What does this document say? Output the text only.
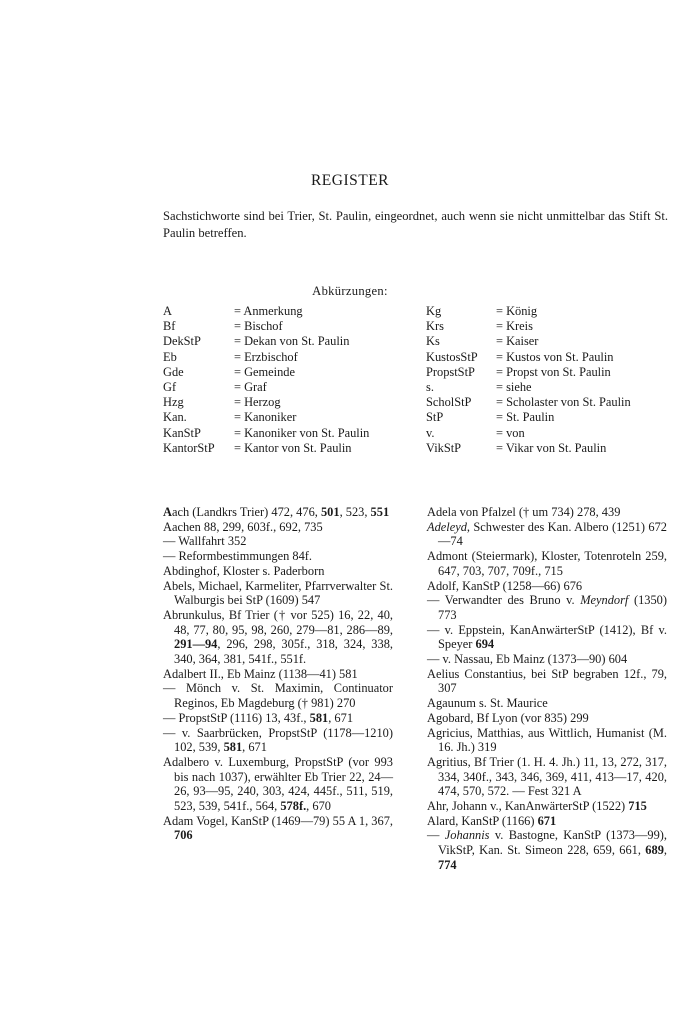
REGISTER
Sachstichworte sind bei Trier, St. Paulin, eingeordnet, auch wenn sie nicht unmittelbar das Stift St. Paulin betreffen.
Abkürzungen:
A	= Anmerkung
Bf	= Bischof
DekStP	= Dekan von St. Paulin
Eb	= Erzbischof
Gde	= Gemeinde
Gf	= Graf
Hzg	= Herzog
Kan.	= Kanoniker
KanStP	= Kanoniker von St. Paulin
KantorStP	= Kantor von St. Paulin
Kg	= König
Krs	= Kreis
Ks	= Kaiser
KustosStP	= Kustos von St. Paulin
PropstStP	= Propst von St. Paulin
s.	= siehe
ScholStP	= Scholaster von St. Paulin
StP	= St. Paulin
v.	= von
VikStP	= Vikar von St. Paulin
Aach (Landkrs Trier) 472, 476, 501, 523, 551
Aachen 88, 299, 603f., 692, 735
— Wallfahrt 352
— Reformbestimmungen 84f.
Abdinghof, Kloster s. Paderborn
Abels, Michael, Karmeliter, Pfarrverwalter St. Walburgis bei StP (1609) 547
Abrunkulus, Bf Trier († vor 525) 16, 22, 40, 48, 77, 80, 95, 98, 260, 279—81, 286—89, 291—94, 296, 298, 305f., 318, 324, 338, 340, 364, 381, 541f., 551f.
Adalbert II., Eb Mainz (1138—41) 581
— Mönch v. St. Maximin, Continuator Reginos, Eb Magdeburg († 981) 270
— PropstStP (1116) 13, 43f., 581, 671
— v. Saarbrücken, PropstStP (1178—1210) 102, 539, 581, 671
Adalbero v. Luxemburg, PropstStP (vor 993 bis nach 1037), erwählter Eb Trier 22, 24—26, 93—95, 240, 303, 424, 445f., 511, 519, 523, 539, 541f., 564, 578f., 670
Adam Vogel, KanStP (1469—79) 55 A 1, 367, 706
Adela von Pfalzel († um 734) 278, 439
Adeleyd, Schwester des Kan. Albero (1251) 672—74
Admont (Steiermark), Kloster, Totenroteln 259, 647, 703, 707, 709f., 715
Adolf, KanStP (1258—66) 676
— Verwandter des Bruno v. Meyndorf (1350) 773
— v. Eppstein, KanAnwärterStP (1412), Bf v. Speyer 694
— v. Nassau, Eb Mainz (1373—90) 604
Aelius Constantius, bei StP begraben 12f., 79, 307
Agaunum s. St. Maurice
Agobard, Bf Lyon (vor 835) 299
Agricius, Matthias, aus Wittlich, Humanist (M. 16. Jh.) 319
Agritius, Bf Trier (1. H. 4. Jh.) 11, 13, 272, 317, 334, 340f., 343, 346, 369, 411, 413—17, 420, 474, 570, 572. — Fest 321 A
Ahr, Johann v., KanAnwärterStP (1522) 715
Alard, KanStP (1166) 671
— Johannis v. Bastogne, KanStP (1373—99), VikStP, Kan. St. Simeon 228, 659, 661, 689, 774
